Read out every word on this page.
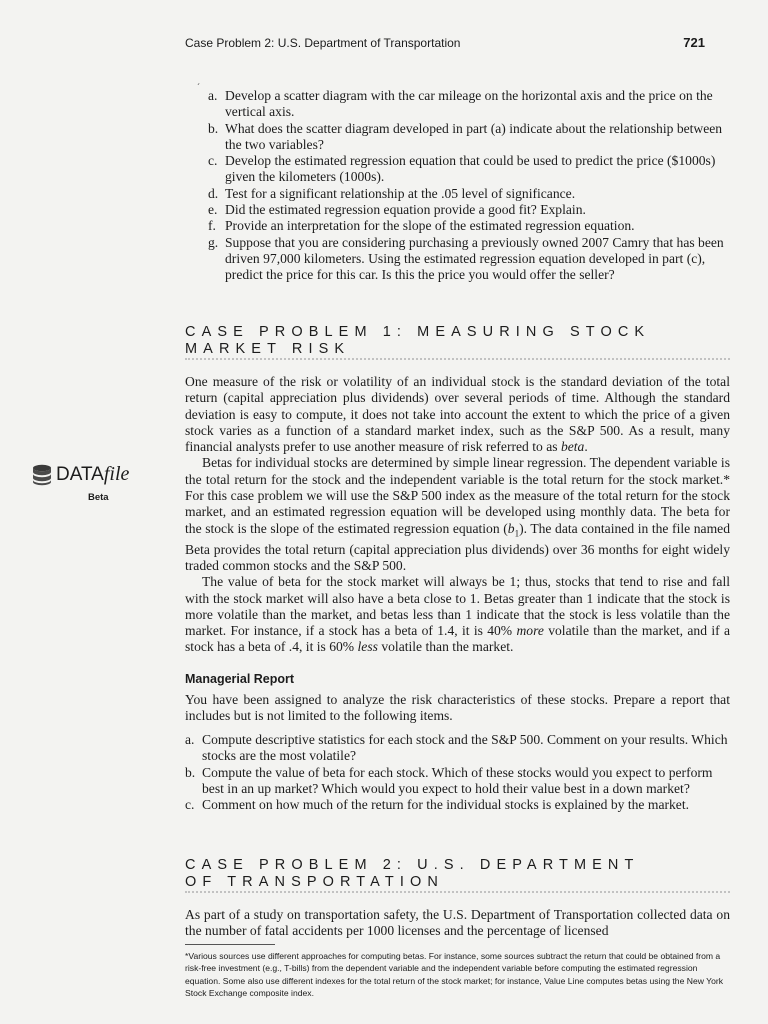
Case Problem 2: U.S. Department of Transportation	721
´
a. Develop a scatter diagram with the car mileage on the horizontal axis and the price on the vertical axis.
b. What does the scatter diagram developed in part (a) indicate about the relationship between the two variables?
c. Develop the estimated regression equation that could be used to predict the price ($1000s) given the kilometers (1000s).
d. Test for a significant relationship at the .05 level of significance.
e. Did the estimated regression equation provide a good fit? Explain.
f. Provide an interpretation for the slope of the estimated regression equation.
g. Suppose that you are considering purchasing a previously owned 2007 Camry that has been driven 97,000 kilometers. Using the estimated regression equation developed in part (c), predict the price for this car. Is this the price you would offer the seller?
CASE PROBLEM 1: MEASURING STOCK
MARKET RISK
DATAfile
Beta
One measure of the risk or volatility of an individual stock is the standard deviation of the total return (capital appreciation plus dividends) over several periods of time. Although the standard deviation is easy to compute, it does not take into account the extent to which the price of a given stock varies as a function of a standard market index, such as the S&P 500. As a result, many financial analysts prefer to use another measure of risk referred to as beta.
Betas for individual stocks are determined by simple linear regression. The dependent variable is the total return for the stock and the independent variable is the total return for the stock market.* For this case problem we will use the S&P 500 index as the measure of the total return for the stock market, and an estimated regression equation will be developed using monthly data. The beta for the stock is the slope of the estimated regression equation $(b_1)$. The data contained in the file named Beta provides the total return (capital appreciation plus dividends) over 36 months for eight widely traded common stocks and the S&P 500.
The value of beta for the stock market will always be 1; thus, stocks that tend to rise and fall with the stock market will also have a beta close to 1. Betas greater than 1 indicate that the stock is more volatile than the market, and betas less than 1 indicate that the stock is less volatile than the market. For instance, if a stock has a beta of 1.4, it is 40% more volatile than the market, and if a stock has a beta of .4, it is 60% less volatile than the market.
Managerial Report
You have been assigned to analyze the risk characteristics of these stocks. Prepare a report that includes but is not limited to the following items.
a. Compute descriptive statistics for each stock and the S&P 500. Comment on your results. Which stocks are the most volatile?
b. Compute the value of beta for each stock. Which of these stocks would you expect to perform best in an up market? Which would you expect to hold their value best in a down market?
c. Comment on how much of the return for the individual stocks is explained by the market.
CASE PROBLEM 2: U.S. DEPARTMENT
OF TRANSPORTATION
As part of a study on transportation safety, the U.S. Department of Transportation collected data on the number of fatal accidents per 1000 licenses and the percentage of licensed
*Various sources use different approaches for computing betas. For instance, some sources subtract the return that could be obtained from a risk-free investment (e.g., T-bills) from the dependent variable and the independent variable before computing the estimated regression equation. Some also use different indexes for the total return of the stock market; for instance, Value Line computes betas using the New York Stock Exchange composite index.
